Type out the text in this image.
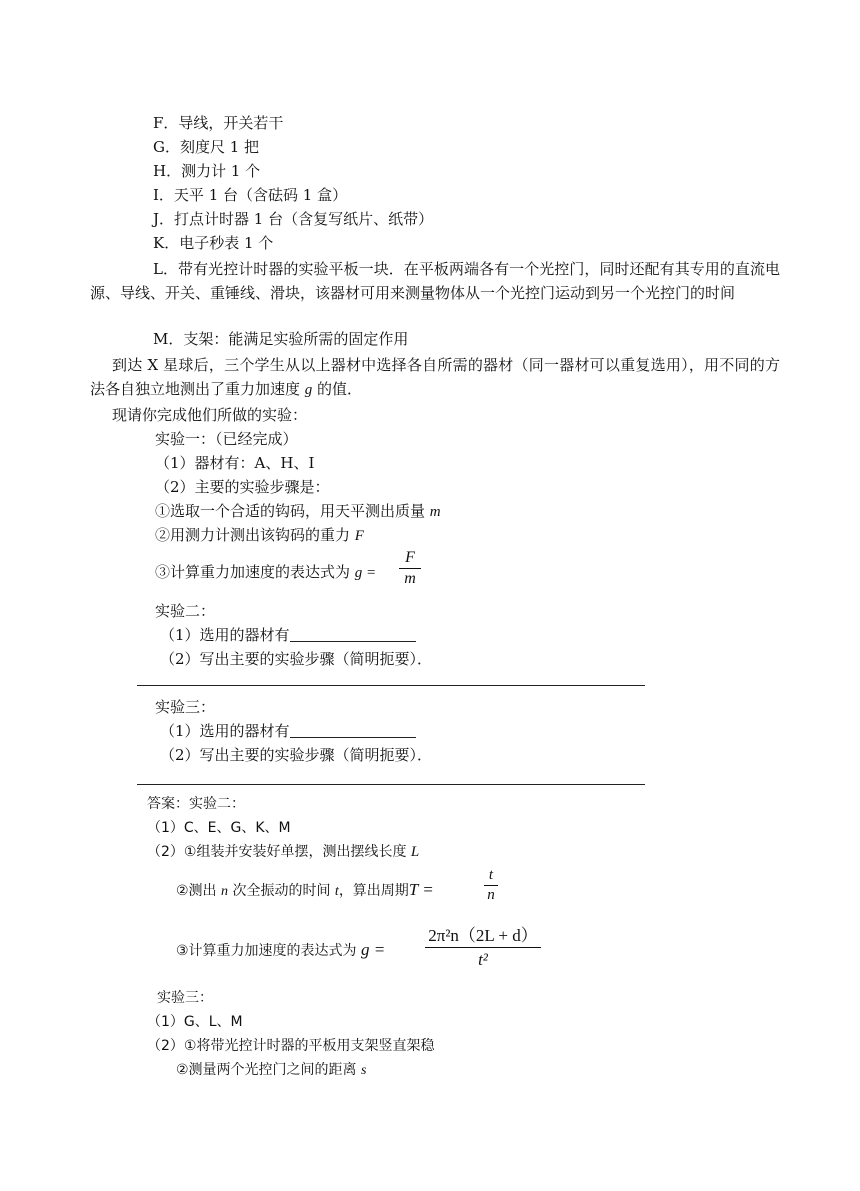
F．导线，开关若干
G．刻度尺 1 把
H．测力计 1 个
I．天平 1 台（含砝码 1 盒）
J．打点计时器 1 台（含复写纸片、纸带）
K．电子秒表 1 个
L．带有光控计时器的实验平板一块．在平板两端各有一个光控门，同时还配有其专用的直流电源、导线、开关、重锤线、滑块，该器材可用来测量物体从一个光控门运动到另一个光控门的时间
M．支架：能满足实验所需的固定作用
到达 X 星球后，三个学生从以上器材中选择各自所需的器材（同一器材可以重复选用），用不同的方法各自独立地测出了重力加速度 g 的值．
现请你完成他们所做的实验：
实验一：（已经完成）
（1）器材有：A、H、I
（2）主要的实验步骤是：
①选取一个合适的钩码，用天平测出质量 m
②用测力计测出该钩码的重力 F
③计算重力加速度的表达式为 g =
F
m
实验二：
（1）选用的器材有
（2）写出主要的实验步骤（简明扼要）．
实验三：
（1）选用的器材有
（2）写出主要的实验步骤（简明扼要）．
答案：实验二：
（1）C、E、G、K、M
（2）①组装并安装好单摆，测出摆线长度 L
②测出 n 次全振动的时间 t，算出周期T =
t
n
③计算重力加速度的表达式为 g =
2π²n（2L + d）
t²
实验三：
（1）G、L、M
（2）①将带光控计时器的平板用支架竖直架稳
②测量两个光控门之间的距离 s
